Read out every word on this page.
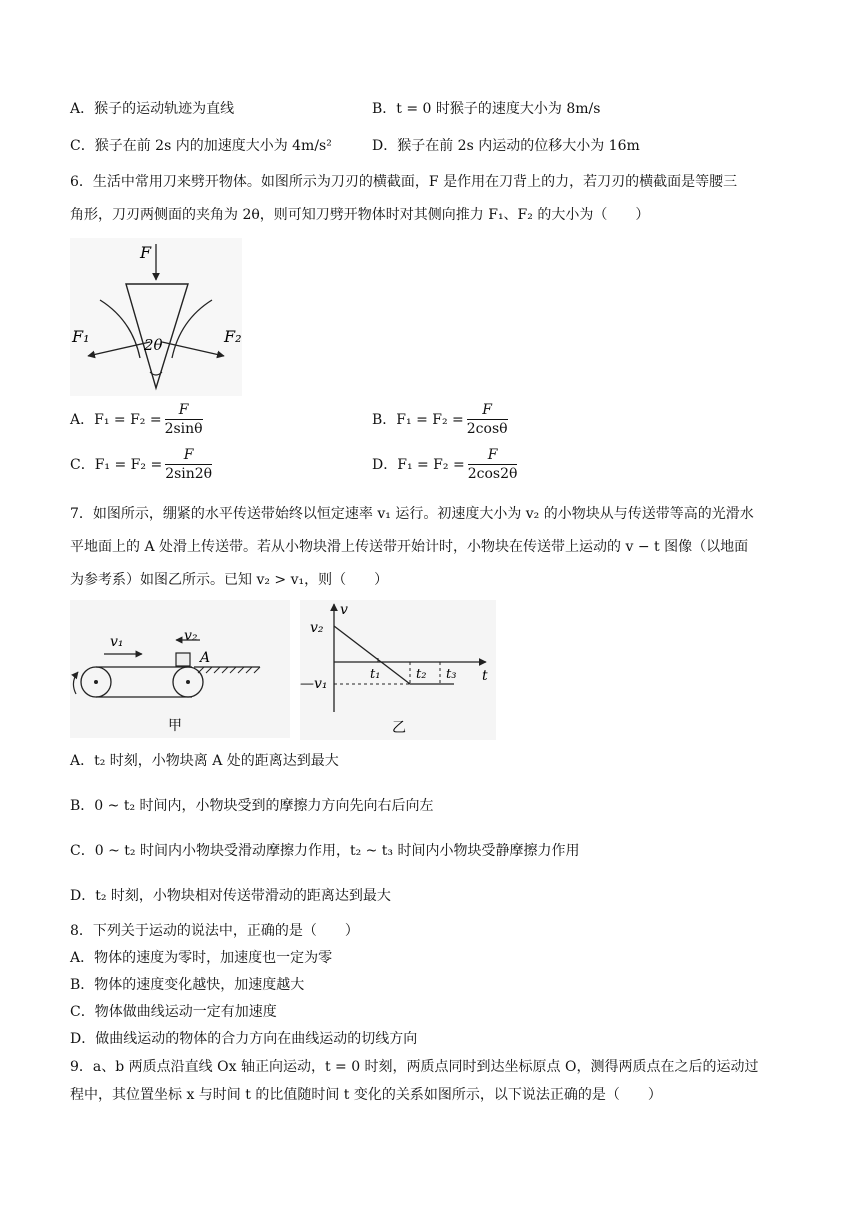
A．猴子的运动轨迹为直线	B．t = 0 时猴子的速度大小为 8m/s
C．猴子在前 2s 内的加速度大小为 4m/s²	D．猴子在前 2s 内运动的位移大小为 16m
6．生活中常用刀来劈开物体。如图所示为刀刃的横截面，F 是作用在刀背上的力，若刀刃的横截面是等腰三
角形，刀刃两侧面的夹角为 2θ，则可知刀劈开物体时对其侧向推力 F₁、F₂ 的大小为（　　）
F
F₁	F₂
2θ
A．$F_1 = F_2 = \frac{F}{2\sin\theta}$	B．$F_1 = F_2 = \frac{F}{2\cos\theta}$
C．$F_1 = F_2 = \frac{F}{2\sin 2\theta}$	D．$F_1 = F_2 = \frac{F}{2\cos 2\theta}$
7．如图所示，绷紧的水平传送带始终以恒定速率 v₁ 运行。初速度大小为 v₂ 的小物块从与传送带等高的光滑水
平地面上的 A 处滑上传送带。若从小物块滑上传送带开始计时，小物块在传送带上运动的 v − t 图像（以地面
为参考系）如图乙所示。已知 v₂ > v₁，则（　　）
v₁	v₂
A
甲
v
t
v₂
—v₁
t₁	t₂ t₃
乙
A．t₂ 时刻，小物块离 A 处的距离达到最大
B．0 ~ t₂ 时间内，小物块受到的摩擦力方向先向右后向左
C．0 ~ t₂ 时间内小物块受滑动摩擦力作用，t₂ ~ t₃ 时间内小物块受静摩擦力作用
D．t₂ 时刻，小物块相对传送带滑动的距离达到最大
8．下列关于运动的说法中，正确的是（　　）
A．物体的速度为零时，加速度也一定为零
B．物体的速度变化越快，加速度越大
C．物体做曲线运动一定有加速度
D．做曲线运动的物体的合力方向在曲线运动的切线方向
9．a、b 两质点沿直线 Ox 轴正向运动，t = 0 时刻，两质点同时到达坐标原点 O，测得两质点在之后的运动过
程中，其位置坐标 x 与时间 t 的比值随时间 t 变化的关系如图所示，以下说法正确的是（　　）
